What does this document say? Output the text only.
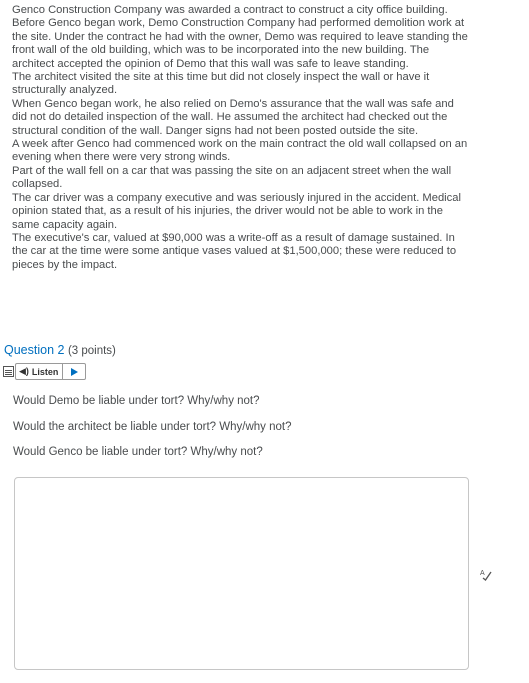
Genco Construction Company was awarded a contract to construct a city office building.

Before Genco began work, Demo Construction Company had performed demolition work at the site. Under the contract he had with the owner, Demo was required to leave standing the front wall of the old building, which was to be incorporated into the new building. The architect accepted the opinion of Demo that this wall was safe to leave standing.

The architect visited the site at this time but did not closely inspect the wall or have it structurally analyzed.

When Genco began work, he also relied on Demo's assurance that the wall was safe and did not do detailed inspection of the wall. He assumed the architect had checked out the structural condition of the wall. Danger signs had not been posted outside the site.

A week after Genco had commenced work on the main contract the old wall collapsed on an evening when there were very strong winds.

Part of the wall fell on a car that was passing the site on an adjacent street when the wall collapsed.

The car driver was a company executive and was seriously injured in the accident. Medical opinion stated that, as a result of his injuries, the driver would not be able to work in the same capacity again.

The executive's car, valued at $90,000 was a write-off as a result of damage sustained. In the car at the time were some antique vases valued at $1,500,000; these were reduced to pieces by the impact.

Question 2 (3 points)
◀) Listen

Would Demo be liable under tort? Why/why not?

Would the architect be liable under tort? Why/why not?

Would Genco be liable under tort? Why/why not?

A
